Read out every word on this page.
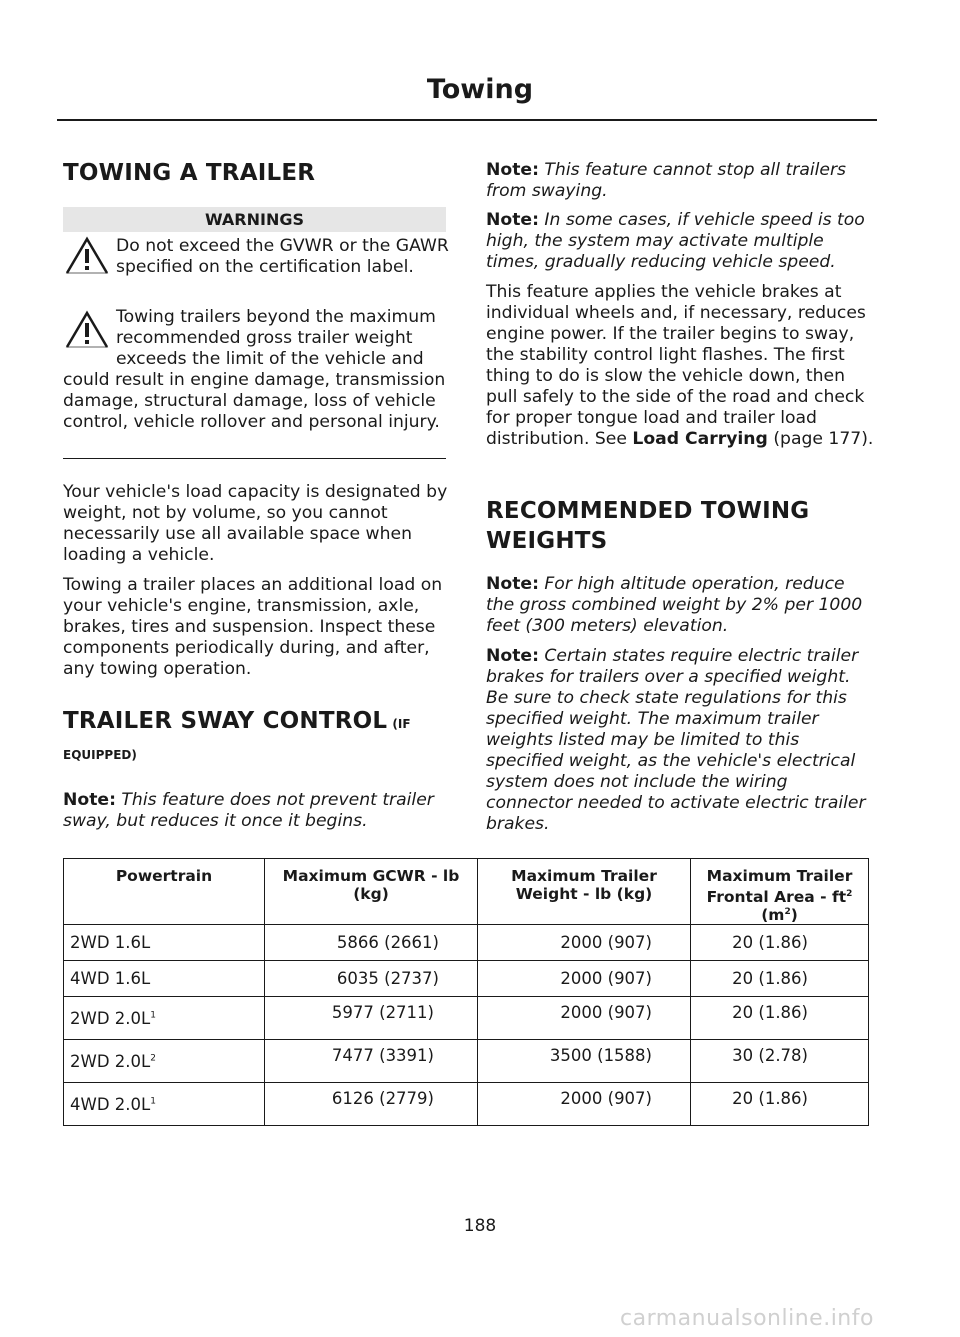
Towing
TOWING A TRAILER
WARNINGS
Do not exceed the GVWR or the GAWR specified on the certification label.
Towing trailers beyond the maximum
recommended gross trailer weight
exceeds the limit of the vehicle and
could result in engine damage, transmission damage, structural damage, loss of vehicle control, vehicle rollover and personal injury.
Your vehicle's load capacity is designated by weight, not by volume, so you cannot necessarily use all available space when loading a vehicle.
Towing a trailer places an additional load on your vehicle's engine, transmission, axle, brakes, tires and suspension. Inspect these components periodically during, and after, any towing operation.
TRAILER SWAY CONTROL (IF
EQUIPPED)
Note: This feature does not prevent trailer sway, but reduces it once it begins.
Note: This feature cannot stop all trailers from swaying.
Note: In some cases, if vehicle speed is too high, the system may activate multiple times, gradually reducing vehicle speed.
This feature applies the vehicle brakes at individual wheels and, if necessary, reduces engine power. If the trailer begins to sway, the stability control light flashes. The first thing to do is slow the vehicle down, then pull safely to the side of the road and check for proper tongue load and trailer load distribution. See Load Carrying (page 177).
RECOMMENDED TOWING
WEIGHTS
Note: For high altitude operation, reduce the gross combined weight by 2% per 1000 feet (300 meters) elevation.
Note: Certain states require electric trailer brakes for trailers over a specified weight. Be sure to check state regulations for this specified weight. The maximum trailer weights listed may be limited to this specified weight, as the vehicle's electrical system does not include the wiring connector needed to activate electric trailer brakes.
Powertrain	Maximum GCWR - lb (kg)	Maximum Trailer Weight - lb (kg)	Maximum Trailer
Frontal Area - $ft^2$ $(m^2)$

2WD 1.6L	5866 (2661)	2000 (907)	20 (1.86)
4WD 1.6L	6035 (2737)	2000 (907)	20 (1.86)
2WD $2.0L^1$	5977 (2711)	2000 (907)	20 (1.86)
2WD $2.0L^2$	7477 (3391)	3500 (1588)	30 (2.78)
4WD $2.0L^1$	6126 (2779)	2000 (907)	20 (1.86)
188
carmanualsonline.info
